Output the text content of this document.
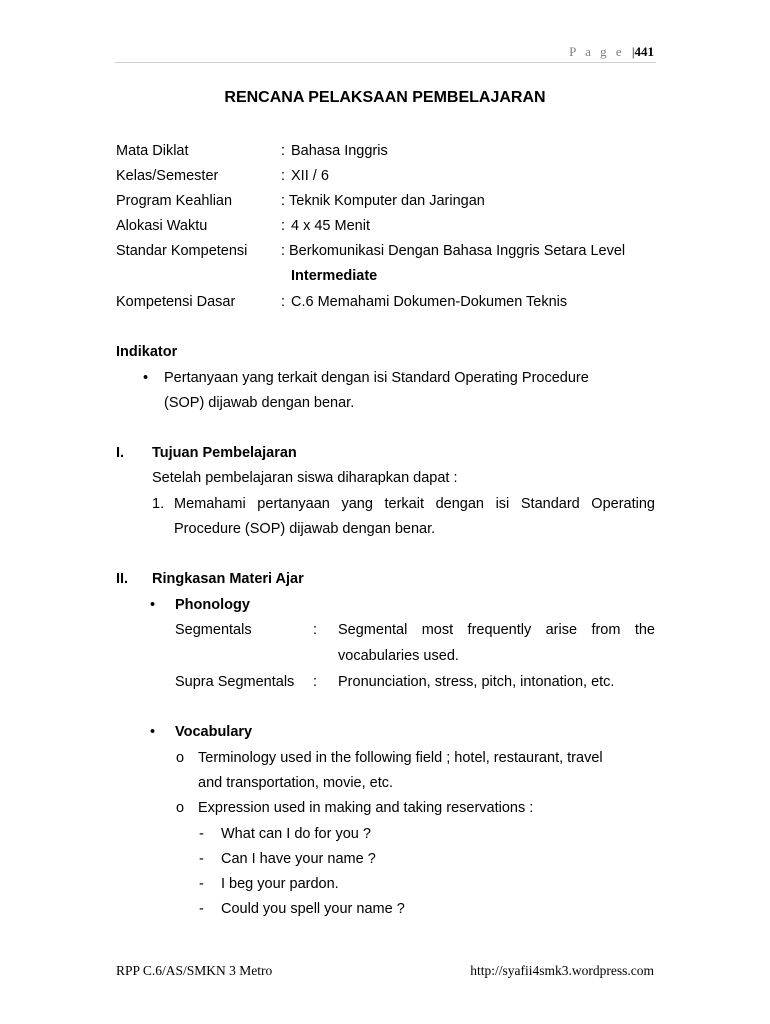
P a g e |441
RENCANA PELAKSAAN PEMBELAJARAN
Mata Diklat	: Bahasa Inggris
Kelas/Semester	: XII / 6
Program Keahlian	: Teknik Komputer dan Jaringan
Alokasi Waktu	: 4 x 45 Menit
Standar Kompetensi : Berkomunikasi Dengan Bahasa Inggris Setara Level
Intermediate
Kompetensi Dasar	: C.6 Memahami Dokumen-Dokumen Teknis
Indikator
• Pertanyaan yang terkait dengan isi Standard Operating Procedure
(SOP) dijawab dengan benar.
I. Tujuan Pembelajaran
Setelah pembelajaran siswa diharapkan dapat :
1. Memahami pertanyaan yang terkait dengan isi Standard Operating
Procedure (SOP) dijawab dengan benar.
II. Ringkasan Materi Ajar
• Phonology
Segmentals	: Segmental most frequently arise from the
vocabularies used.
Supra Segmentals : Pronunciation, stress, pitch, intonation, etc.
• Vocabulary
o Terminology used in the following field ; hotel, restaurant, travel
and transportation, movie, etc.
o Expression used in making and taking reservations :
- What can I do for you ?
- Can I have your name ?
- I beg your pardon.
- Could you spell your name ?
RPP C.6/AS/SMKN 3 Metro	http://syafii4smk3.wordpress.com
